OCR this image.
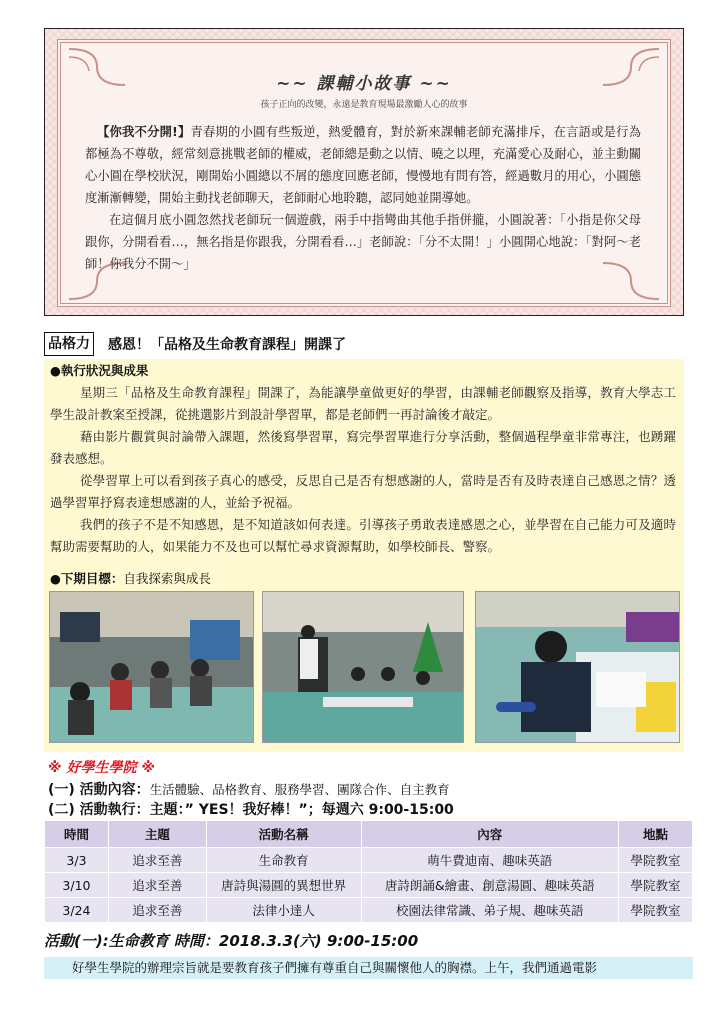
~~ 課輔小故事 ~~
孩子正向的改變，永遠是教育現場最激勵人心的故事

【你我不分開!】青春期的小圓有些叛逆，熱愛體育，對於新來課輔老師充滿排斥，在言語或是行為都極為不尊敬，經常刻意挑戰老師的權威，老師總是動之以情、曉之以理，充滿愛心及耐心，並主動關心小圓在學校狀況，剛開始小圓總以不屑的態度回應老師，慢慢地有問有答，經過數月的用心，小圓態度漸漸轉變，開始主動找老師聊天，老師耐心地聆聽，認同她並開導她。

在這個月底小圓忽然找老師玩一個遊戲，兩手中指彎曲其他手指併攏，小圓說著：「小指是你父母跟你，分開看看…，無名指是你跟我，分開看看…」老師說：「分不太開！」小圓開心地說：「對阿～老師！你我分不開～」

品格力 感恩！「品格及生命教育課程」開課了
●執行狀況與成果

星期三「品格及生命教育課程」開課了，為能讓學童做更好的學習，由課輔老師觀察及指導，教育大學志工學生設計教案至授課，從挑選影片到設計學習單，都是老師們一再討論後才敲定。

藉由影片觀賞與討論帶入課題，然後寫學習單，寫完學習單進行分享活動，整個過程學童非常專注，也踴躍發表感想。

從學習單上可以看到孩子真心的感受，反思自己是否有想感謝的人，當時是否有及時表達自己感恩之情？透過學習單抒寫表達想感謝的人，並給予祝福。

我們的孩子不是不知感恩，是不知道該如何表達。引導孩子勇敢表達感恩之心，並學習在自己能力可及適時幫助需要幫助的人，如果能力不及也可以幫忙尋求資源幫助，如學校師長、警察。

●下期目標：自我探索與成長
※ 好學生學院 ※
(一) 活動內容：生活體驗、品格教育、服務學習、團隊合作、自主教育
(二) 活動執行：主題：” YES！我好棒！”；每週六 9:00-15:00
時間	主題	活動名稱	內容	地點
3/3	追求至善	生命教育	萌牛費迪南、趣味英語	學院教室
3/10	追求至善	唐詩與湯圓的異想世界	唐詩朗誦&繪畫、創意湯圓、趣味英語	學院教室
3/24	追求至善	法律小達人	校園法律常識、弟子規、趣味英語	學院教室
活動(一):生命教育 時間：2018.3.3(六) 9:00-15:00
好學生學院的辦理宗旨就是要教育孩子們擁有尊重自己與關懷他人的胸襟。上午，我們通過電影
